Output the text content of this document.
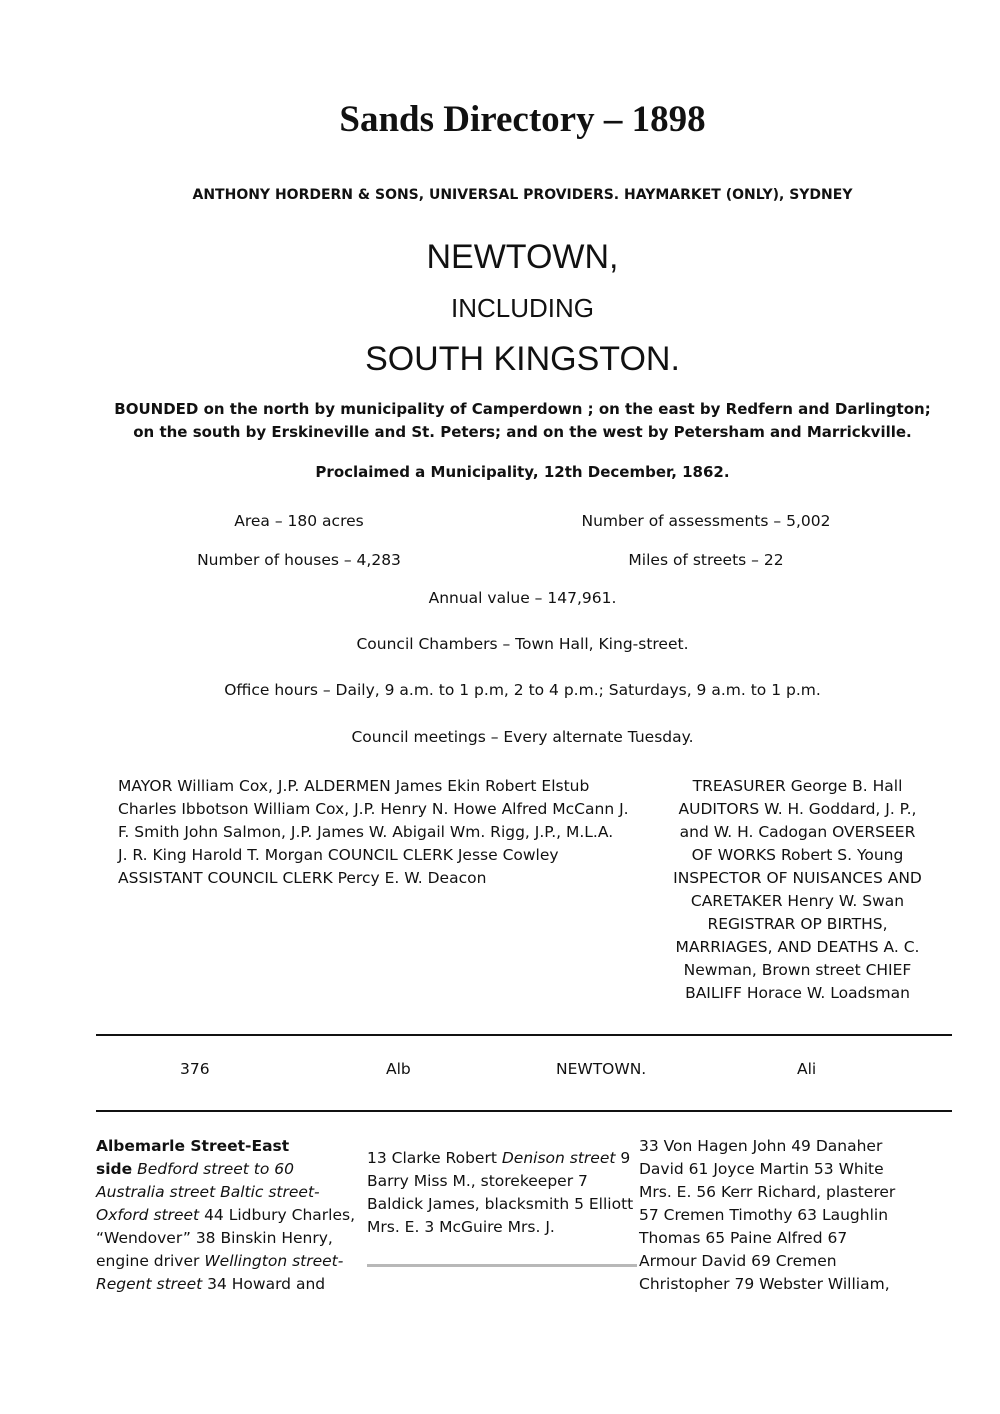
Sands Directory – 1898
ANTHONY HORDERN & SONS, UNIVERSAL PROVIDERS. HAYMARKET (ONLY), SYDNEY
NEWTOWN,
INCLUDING
SOUTH KINGSTON.
BOUNDED on the north by municipality of Camperdown ; on the east by Redfern and Darlington;
on the south by Erskineville and St. Peters; and on the west by Petersham and Marrickville.
Proclaimed a Municipality, 12th December, 1862.
Area – 180 acres	Number of assessments – 5,002
Number of houses – 4,283	Miles of streets – 22
Annual value – 147,961.
Council Chambers – Town Hall, King-street.
Office hours – Daily, 9 a.m. to 1 p.m, 2 to 4 p.m.; Saturdays, 9 a.m. to 1 p.m.
Council meetings – Every alternate Tuesday.
MAYOR William Cox, J.P. ALDERMEN James Ekin Robert Elstub
Charles Ibbotson William Cox, J.P. Henry N. Howe Alfred McCann J.
F. Smith John Salmon, J.P. James W. Abigail Wm. Rigg, J.P., M.L.A.
J. R. King Harold T. Morgan COUNCIL CLERK Jesse Cowley
ASSISTANT COUNCIL CLERK Percy E. W. Deacon
TREASURER George B. Hall
AUDITORS W. H. Goddard, J. P.,
and W. H. Cadogan OVERSEER
OF WORKS Robert S. Young
INSPECTOR OF NUISANCES AND
CARETAKER Henry W. Swan
REGISTRAR OP BIRTHS,
MARRIAGES, AND DEATHS A. C.
Newman, Brown street CHIEF
BAILIFF Horace W. Loadsman
376	Alb	NEWTOWN.	Ali
Albemarle Street-East
side Bedford street to 60
Australia street Baltic street-
Oxford street 44 Lidbury Charles,
“Wendover” 38 Binskin Henry,
engine driver Wellington street-
Regent street 34 Howard and
13 Clarke Robert Denison street 9
Barry Miss M., storekeeper 7
Baldick James, blacksmith 5 Elliott
Mrs. E. 3 McGuire Mrs. J.
33 Von Hagen John 49 Danaher
David 61 Joyce Martin 53 White
Mrs. E. 56 Kerr Richard, plasterer
57 Cremen Timothy 63 Laughlin
Thomas 65 Paine Alfred 67
Armour David 69 Cremen
Christopher 79 Webster William,
